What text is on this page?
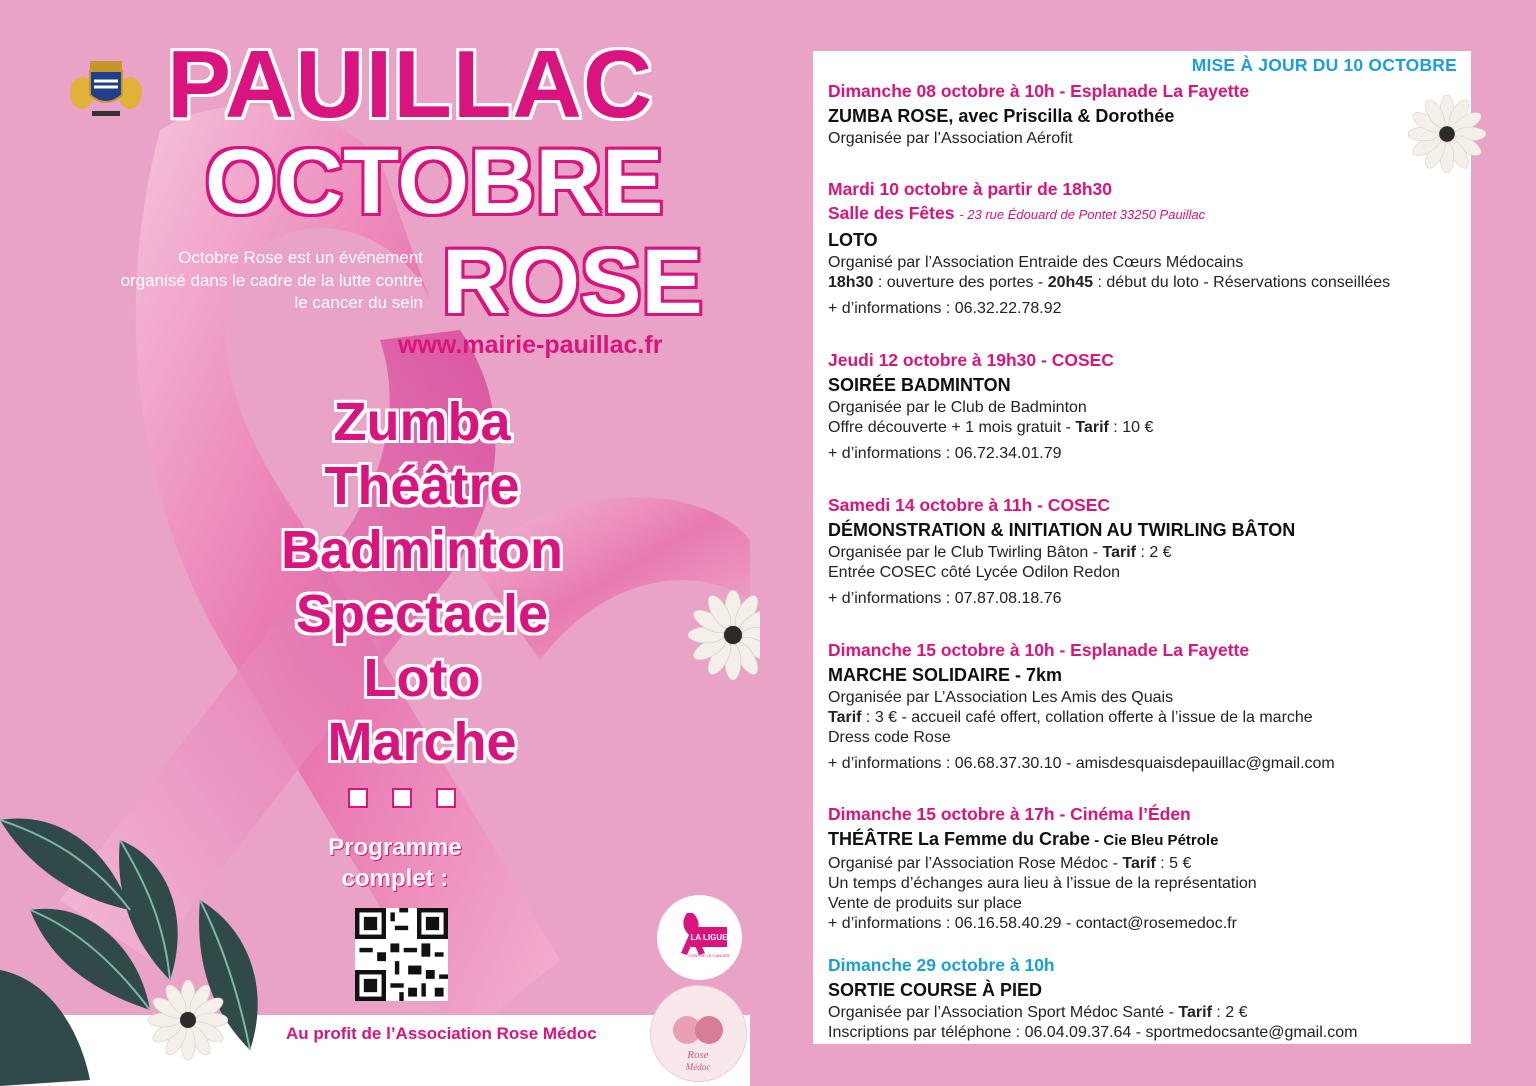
PAUILLAC
OCTOBRE
Octobre Rose est un événement organisé dans le cadre de la lutte contre le cancer du sein ROSE
www.mairie-pauillac.fr
Zumba
Théâtre
Badminton
Spectacle
Loto
Marche
Programme
complet :
Au profit de l’Association Rose Médoc
LA LIGUE
CONTRE LE CANCER
Rose
Médoc
MISE À JOUR DU 10 OCTOBRE
Dimanche 08 octobre à 10h - Esplanade La Fayette
ZUMBA ROSE, avec Priscilla & Dorothée
Organisée par l’Association Aérofit
Mardi 10 octobre à partir de 18h30
Salle des Fêtes - 23 rue Édouard de Pontet 33250 Pauillac
LOTO
Organisé par l’Association Entraide des Cœurs Médocains
18h30 : ouverture des portes - 20h45 : début du loto - Réservations conseillées
+ d’informations : 06.32.22.78.92
Jeudi 12 octobre à 19h30 - COSEC
SOIRÉE BADMINTON
Organisée par le Club de Badminton
Offre découverte + 1 mois gratuit - Tarif : 10 €
+ d’informations : 06.72.34.01.79
Samedi 14 octobre à 11h - COSEC
DÉMONSTRATION & INITIATION AU TWIRLING BÂTON
Organisée par le Club Twirling Bâton - Tarif : 2 €
Entrée COSEC côté Lycée Odilon Redon
+ d’informations : 07.87.08.18.76
Dimanche 15 octobre à 10h - Esplanade La Fayette
MARCHE SOLIDAIRE - 7km
Organisée par L’Association Les Amis des Quais
Tarif : 3 € - accueil café offert, collation offerte à l’issue de la marche
Dress code Rose
+ d’informations : 06.68.37.30.10 - amisdesquaisdepauillac@gmail.com
Dimanche 15 octobre à 17h - Cinéma l’Éden
THÉÂTRE La Femme du Crabe - Cie Bleu Pétrole
Organisé par l’Association Rose Médoc - Tarif : 5 €
Un temps d’échanges aura lieu à l’issue de la représentation
Vente de produits sur place
+ d’informations : 06.16.58.40.29 - contact@rosemedoc.fr
Dimanche 29 octobre à 10h
SORTIE COURSE À PIED
Organisée par l’Association Sport Médoc Santé - Tarif : 2 €
Inscriptions par téléphone : 06.04.09.37.64 - sportmedocsante@gmail.com
